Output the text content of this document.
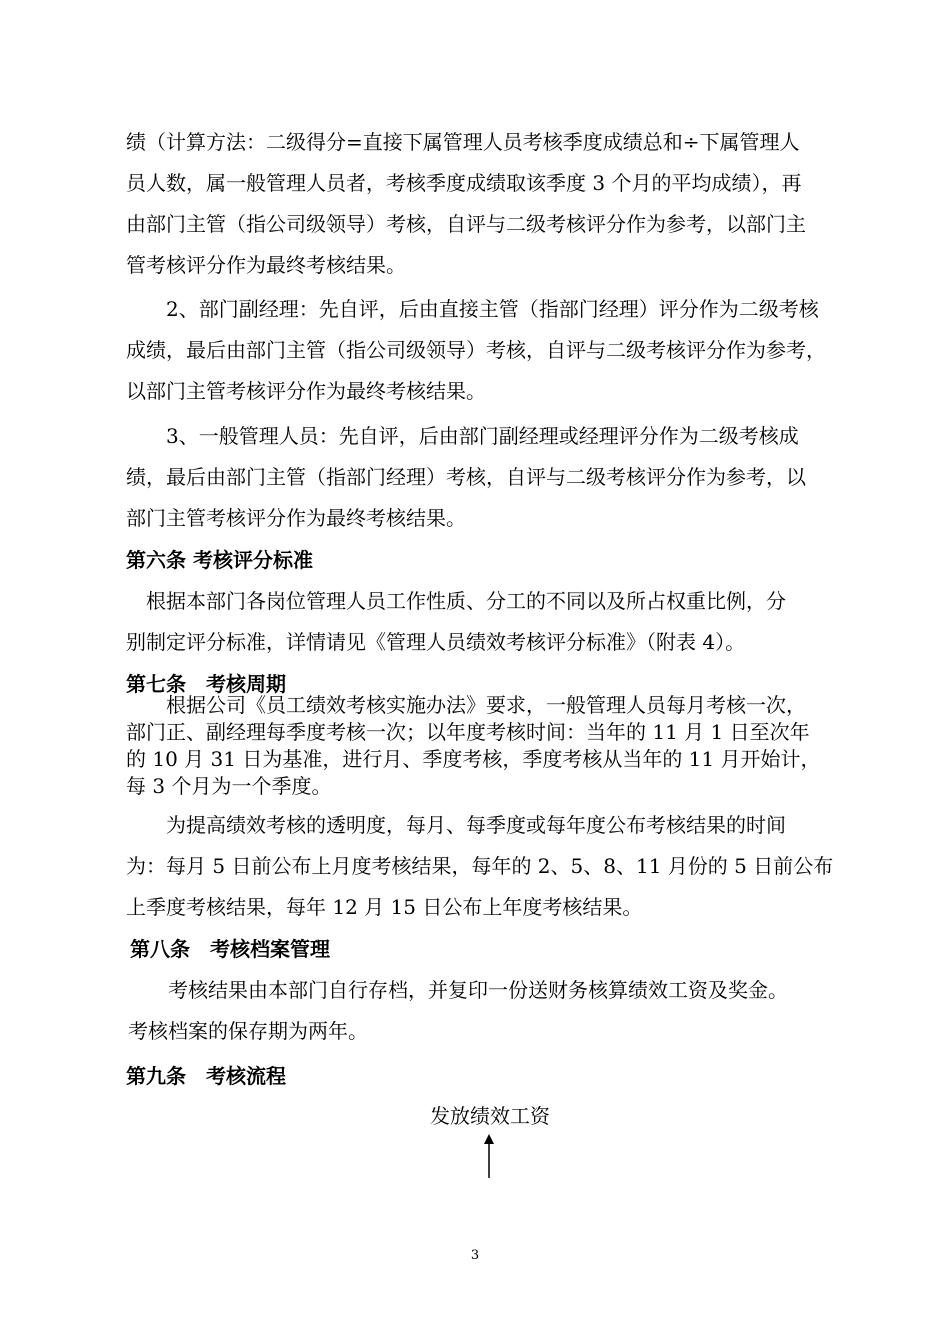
绩（计算方法：二级得分=直接下属管理人员考核季度成绩总和÷下属管理人
员人数，属一般管理人员者，考核季度成绩取该季度 3 个月的平均成绩），再
由部门主管（指公司级领导）考核，自评与二级考核评分作为参考，以部门主
管考核评分作为最终考核结果。
　　2、部门副经理：先自评，后由直接主管（指部门经理）评分作为二级考核
成绩，最后由部门主管（指公司级领导）考核，自评与二级考核评分作为参考，
以部门主管考核评分作为最终考核结果。
　　3、一般管理人员：先自评，后由部门副经理或经理评分作为二级考核成
绩，最后由部门主管（指部门经理）考核，自评与二级考核评分作为参考，以
部门主管考核评分作为最终考核结果。
第六条 考核评分标准
　根据本部门各岗位管理人员工作性质、分工的不同以及所占权重比例，分
别制定评分标准，详情请见《管理人员绩效考核评分标准》（附表 4）。
第七条　考核周期
　　根据公司《员工绩效考核实施办法》要求，一般管理人员每月考核一次，
部门正、副经理每季度考核一次；以年度考核时间：当年的 11 月 1 日至次年
的 10 月 31 日为基准，进行月、季度考核，季度考核从当年的 11 月开始计，
每 3 个月为一个季度。
　　为提高绩效考核的透明度，每月、每季度或每年度公布考核结果的时间
为：每月 5 日前公布上月度考核结果，每年的 2、5、8、11 月份的 5 日前公布
上季度考核结果，每年 12 月 15 日公布上年度考核结果。
第八条　考核档案管理
　　考核结果由本部门自行存档，并复印一份送财务核算绩效工资及奖金。
考核档案的保存期为两年。
第九条　考核流程
发放绩效工资
3
